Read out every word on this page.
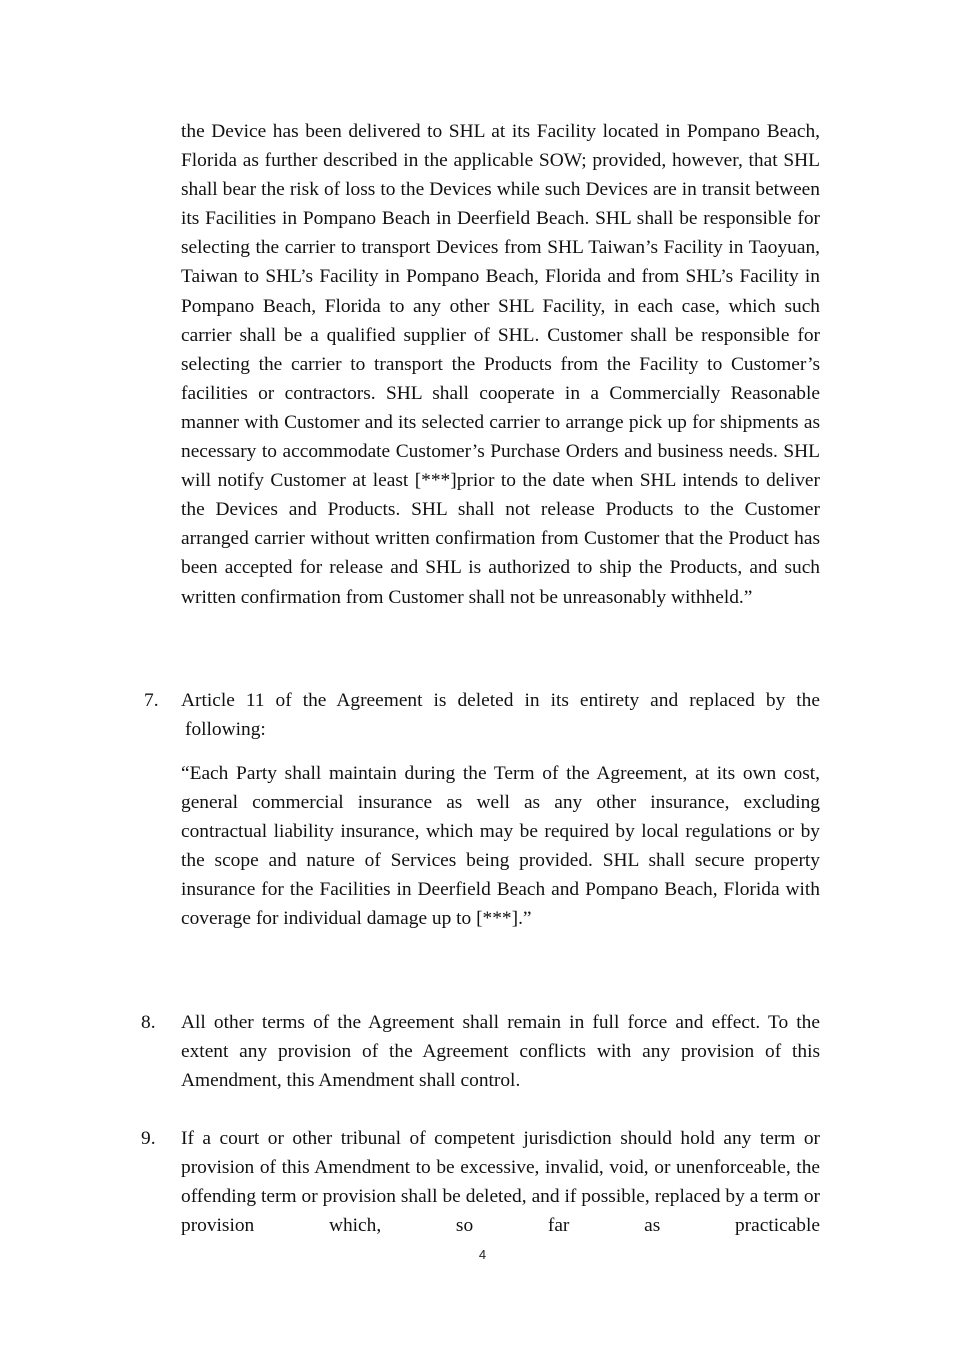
the Device has been delivered to SHL at its Facility located in Pompano Beach, Florida as further described in the applicable SOW; provided, however, that SHL shall bear the risk of loss to the Devices while such Devices are in transit between its Facilities in Pompano Beach in Deerfield Beach. SHL shall be responsible for selecting the carrier to transport Devices from SHL Taiwan’s Facility in Taoyuan, Taiwan to SHL’s Facility in Pompano Beach, Florida and from SHL’s Facility in Pompano Beach, Florida to any other SHL Facility, in each case, which such carrier shall be a qualified supplier of SHL. Customer shall be responsible for selecting the carrier to transport the Products from the Facility to Customer’s facilities or contractors. SHL shall cooperate in a Commercially Reasonable manner with Customer and its selected carrier to arrange pick up for shipments as necessary to accommodate Customer’s Purchase Orders and business needs. SHL will notify Customer at least [***]prior to the date when SHL intends to deliver the Devices and Products. SHL shall not release Products to the Customer arranged carrier without written confirmation from Customer that the Product has been accepted for release and SHL is authorized to ship the Products, and such written confirmation from Customer shall not be unreasonably withheld.”

7. Article 11 of the Agreement is deleted in its entirety and replaced by the

following:

“Each Party shall maintain during the Term of the Agreement, at its own cost, general commercial insurance as well as any other insurance, excluding contractual liability insurance, which may be required by local regulations or by the scope and nature of Services being provided. SHL shall secure property insurance for the Facilities in Deerfield Beach and Pompano Beach, Florida with coverage for individual damage up to [***].”

8. All other terms of the Agreement shall remain in full force and effect. To the extent any provision of the Agreement conflicts with any provision of this Amendment, this Amendment shall control.

9. If a court or other tribunal of competent jurisdiction should hold any term or provision of this Amendment to be excessive, invalid, void, or unenforceable, the offending term or provision shall be deleted, and if possible, replaced by a term or provision which, so far as practicable

4
